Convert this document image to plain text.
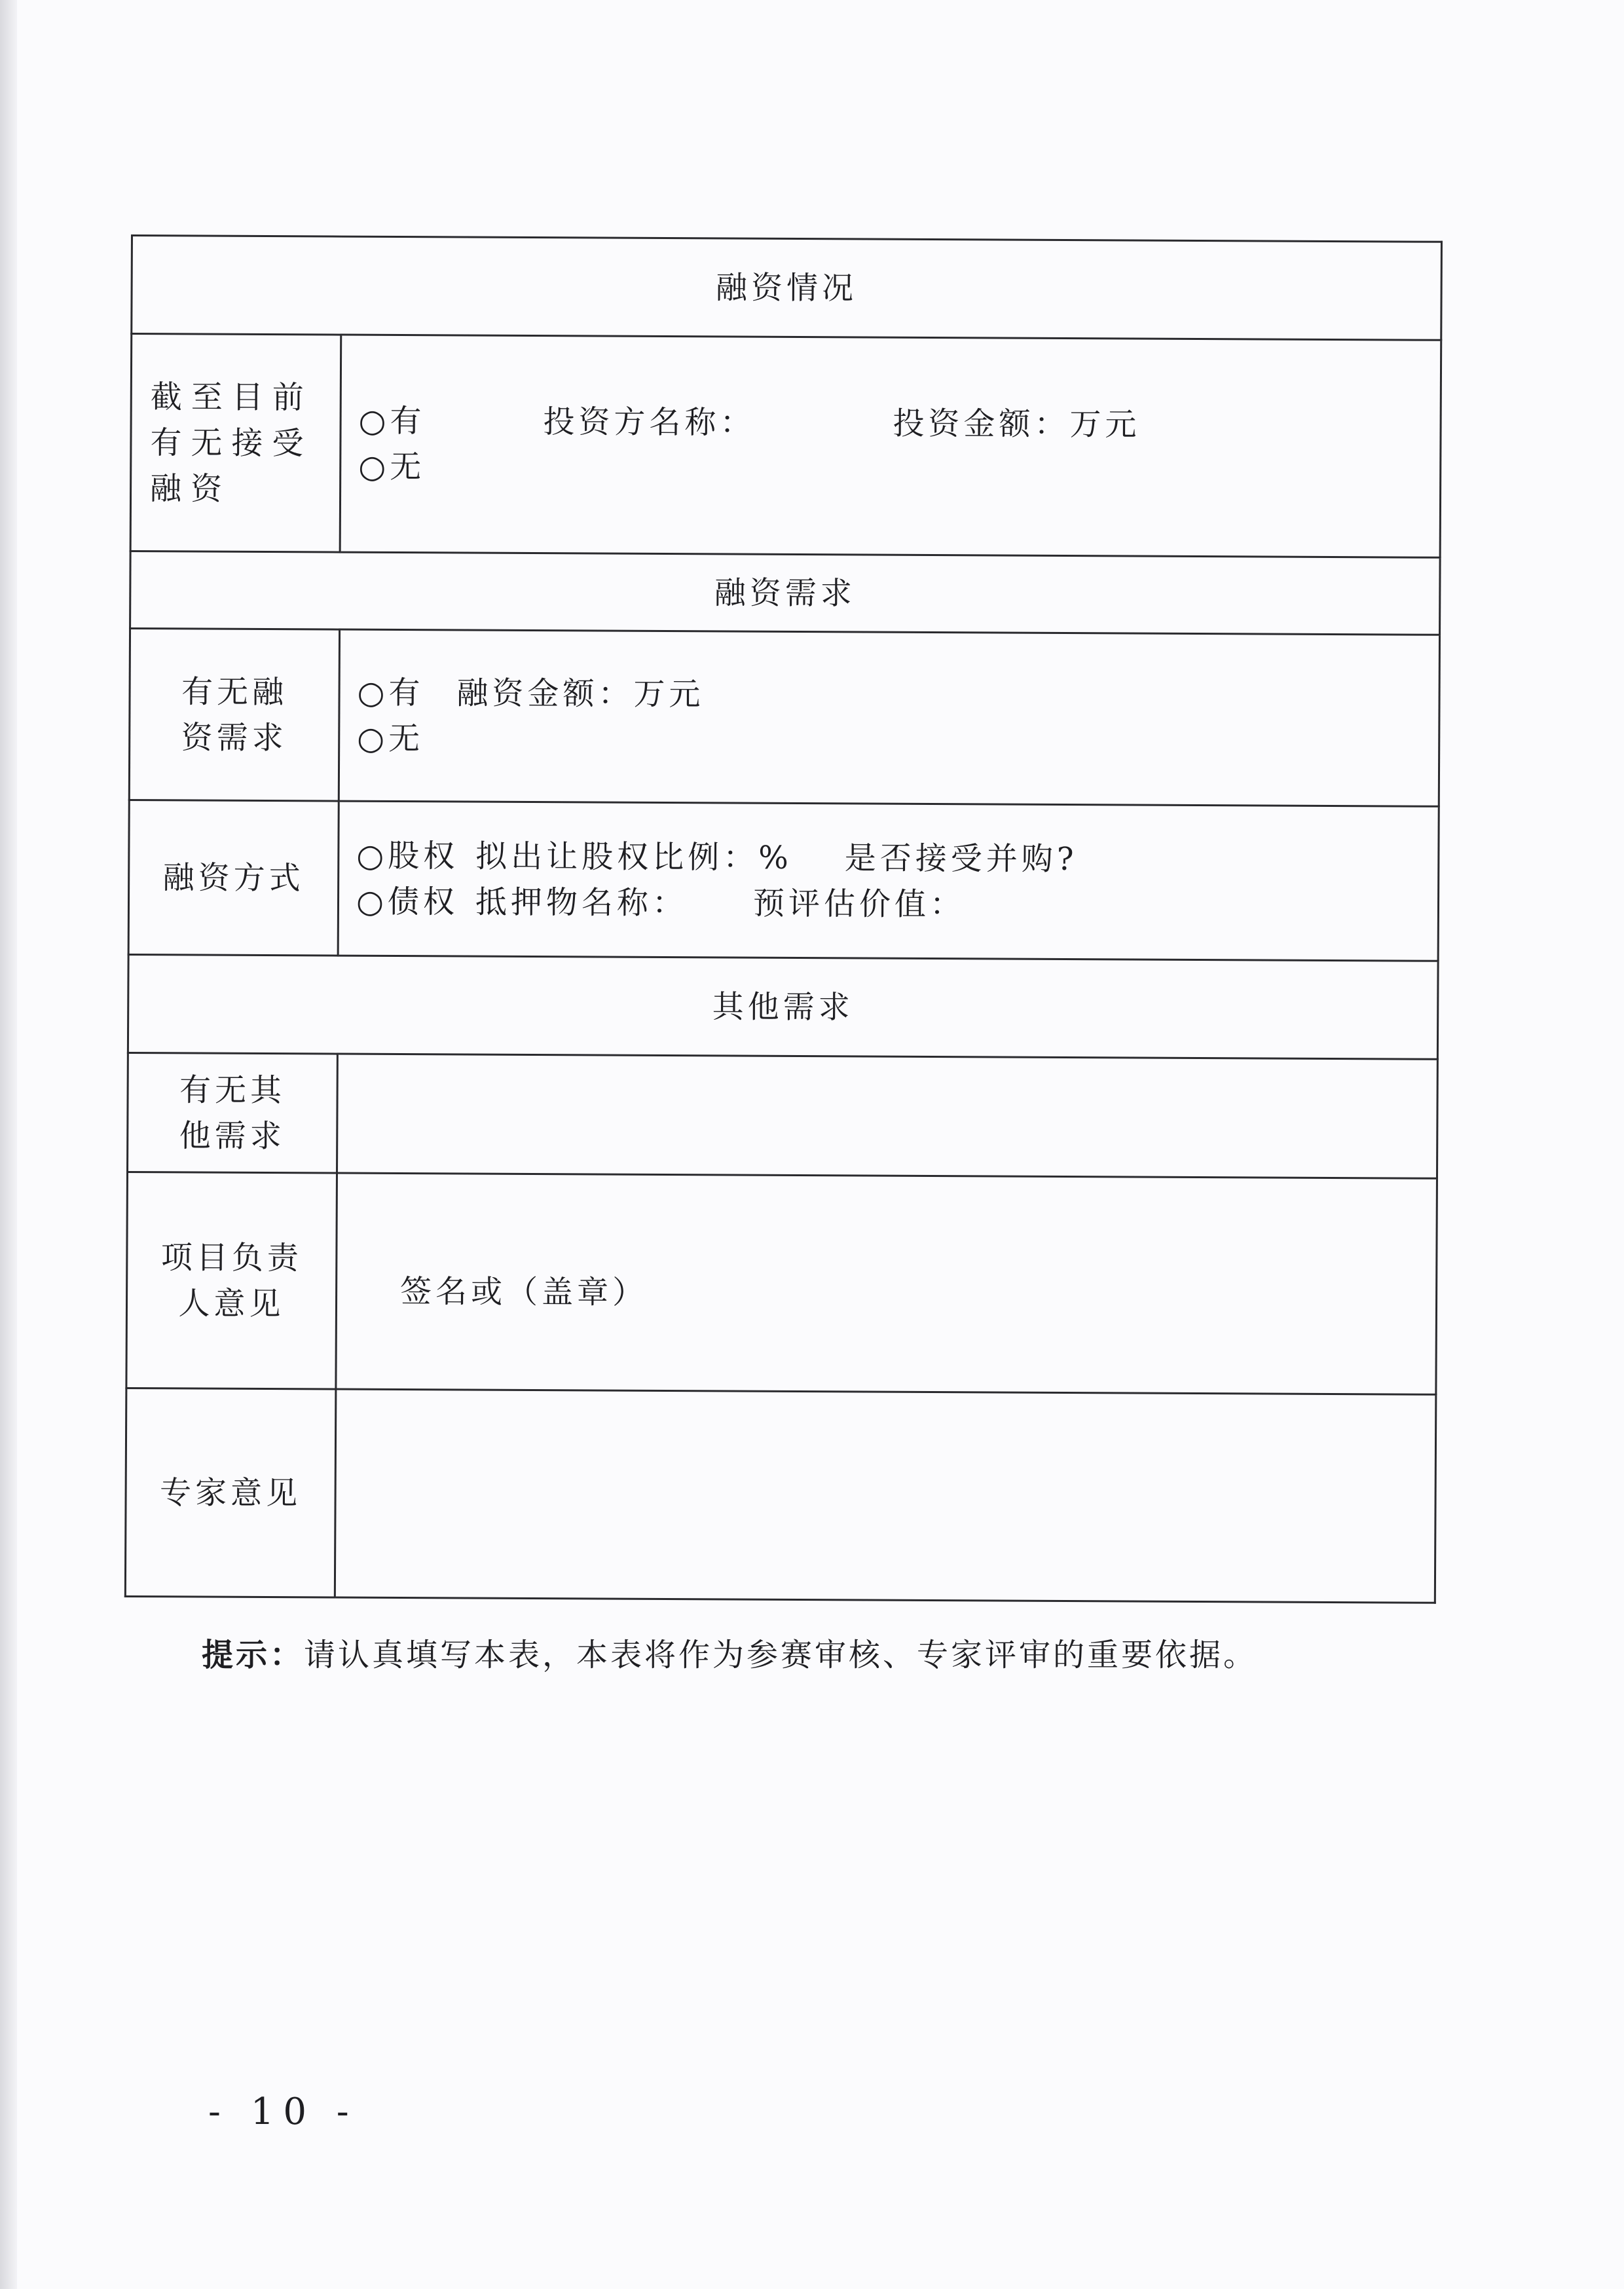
融资情况	

截至目前有无接受融资	○有 投资方名称： 投资金额：万元
○无

融资需求	

有无融资需求	○有 融资金额：万元
○无

融资方式	○股权 拟出让股权比例：% 是否接受并购?
○债权 抵押物名称： 预评估价值：

其他需求	

有无其他需求	

项目负责人意见	签名或（盖章）

专家意见	
提示：请认真填写本表，本表将作为参赛审核、专家评审的重要依据。
- 10 -
